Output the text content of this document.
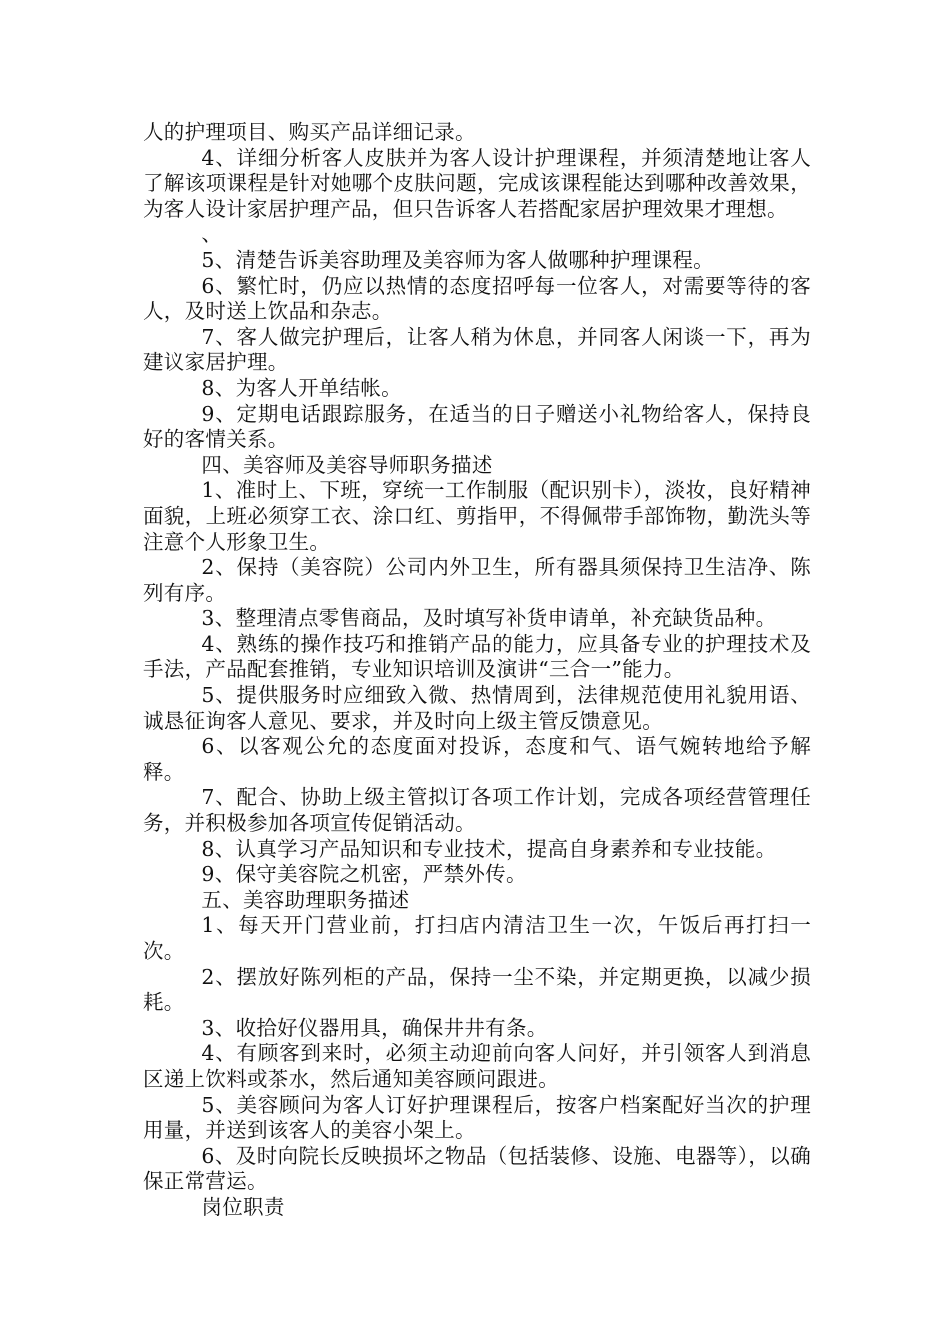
人的护理项目、购买产品详细记录。

4、详细分析客人皮肤并为客人设计护理课程，并须清楚地让客人了解该项课程是针对她哪个皮肤问题，完成该课程能达到哪种改善效果，为客人设计家居护理产品，但只告诉客人若搭配家居护理效果才理想。

、

5、清楚告诉美容助理及美容师为客人做哪种护理课程。

6、繁忙时，仍应以热情的态度招呼每一位客人，对需要等待的客人，及时送上饮品和杂志。

7、客人做完护理后，让客人稍为休息，并同客人闲谈一下，再为建议家居护理。

8、为客人开单结帐。

9、定期电话跟踪服务，在适当的日子赠送小礼物给客人，保持良好的客情关系。

四、美容师及美容导师职务描述

1、准时上、下班，穿统一工作制服（配识别卡），淡妆，良好精神面貌，上班必须穿工衣、涂口红、剪指甲，不得佩带手部饰物，勤洗头等注意个人形象卫生。

2、保持（美容院）公司内外卫生，所有器具须保持卫生洁净、陈列有序。

3、整理清点零售商品，及时填写补货申请单，补充缺货品种。

4、熟练的操作技巧和推销产品的能力，应具备专业的护理技术及手法，产品配套推销，专业知识培训及演讲“三合一”能力。

5、提供服务时应细致入微、热情周到，法律规范使用礼貌用语、诚恳征询客人意见、要求，并及时向上级主管反馈意见。

6、以客观公允的态度面对投诉，态度和气、语气婉转地给予解释。

7、配合、协助上级主管拟订各项工作计划，完成各项经营管理任务，并积极参加各项宣传促销活动。

8、认真学习产品知识和专业技术，提高自身素养和专业技能。

9、保守美容院之机密，严禁外传。

五、美容助理职务描述

1、每天开门营业前，打扫店内清洁卫生一次，午饭后再打扫一次。

2、摆放好陈列柜的产品，保持一尘不染，并定期更换，以减少损耗。

3、收拾好仪器用具，确保井井有条。

4、有顾客到来时，必须主动迎前向客人问好，并引领客人到消息区递上饮料或茶水，然后通知美容顾问跟进。

5、美容顾问为客人订好护理课程后，按客户档案配好当次的护理用量，并送到该客人的美容小架上。

6、及时向院长反映损坏之物品（包括装修、设施、电器等），以确保正常营运。

岗位职责
